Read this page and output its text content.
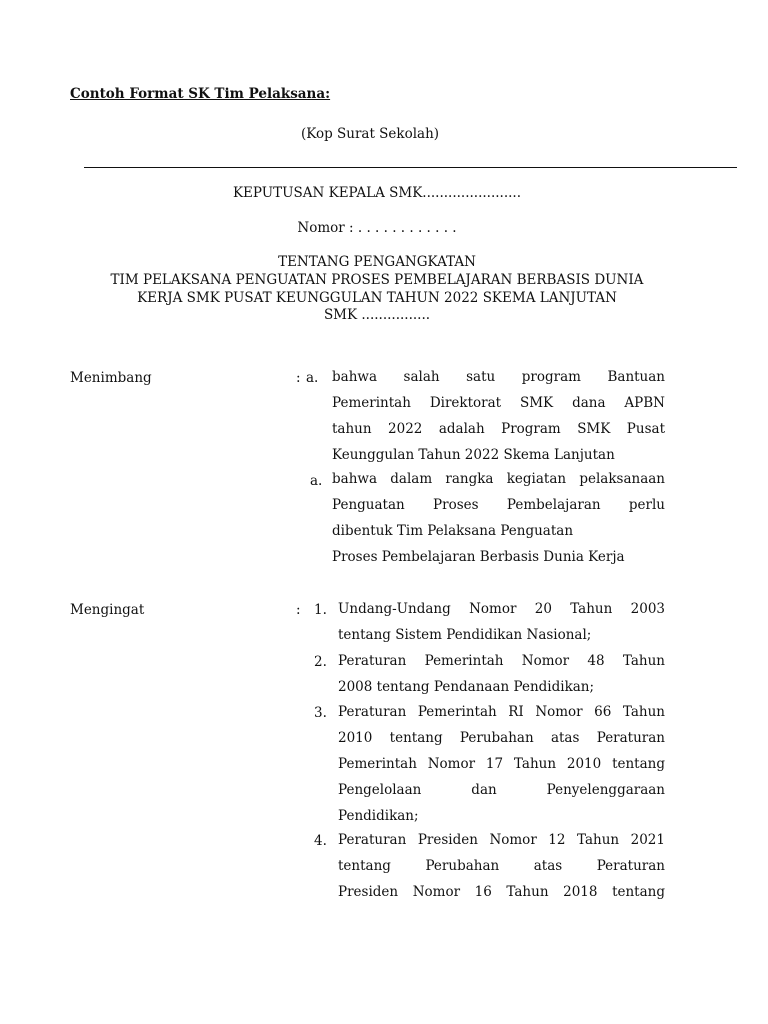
Contoh Format SK Tim Pelaksana:
(Kop Surat Sekolah)
KEPUTUSAN KEPALA SMK.......................
Nomor : . . . . . . . . . . . .
TENTANG PENGANGKATAN
TIM PELAKSANA PENGUATAN PROSES PEMBELAJARAN BERBASIS DUNIA
KERJA SMK PUSAT KEUNGGULAN TAHUN 2022 SKEMA LANJUTAN
SMK ................
Menimbang	: a. bahwa salah satu program Bantuan
Pemerintah Direktorat SMK dana APBN
tahun 2022 adalah Program SMK Pusat
Keunggulan Tahun 2022 Skema Lanjutan
a. bahwa dalam rangka kegiatan pelaksanaan
Penguatan Proses Pembelajaran perlu
dibentuk Tim Pelaksana Penguatan
Proses Pembelajaran Berbasis Dunia Kerja
Mengingat	: 1. Undang-Undang Nomor 20 Tahun 2003
tentang Sistem Pendidikan Nasional;
2. Peraturan Pemerintah Nomor 48 Tahun
2008 tentang Pendanaan Pendidikan;
3. Peraturan Pemerintah RI Nomor 66 Tahun
2010 tentang Perubahan atas Peraturan
Pemerintah Nomor 17 Tahun 2010 tentang
Pengelolaan dan Penyelenggaraan
Pendidikan;
4. Peraturan Presiden Nomor 12 Tahun 2021
tentang Perubahan atas Peraturan
Presiden Nomor 16 Tahun 2018 tentang
